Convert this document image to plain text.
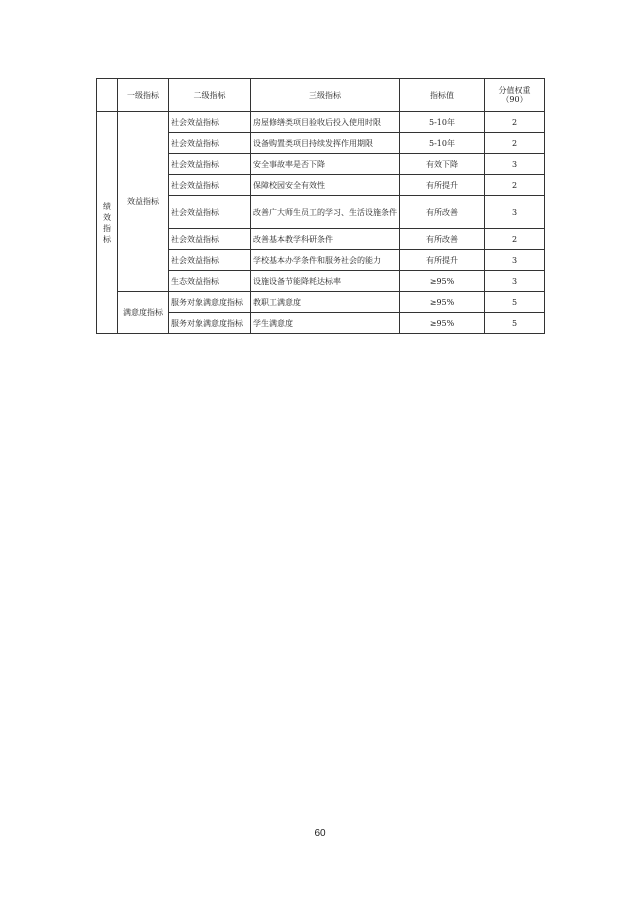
	一级指标	二级指标	三级指标	指标值	分值权重（90）

绩效指标	效益指标	社会效益指标	房屋修缮类项目验收后投入使用时限	5-10年	2
		社会效益指标	设备购置类项目持续发挥作用期限	5-10年	2
		社会效益指标	安全事故率是否下降	有效下降	3
		社会效益指标	保障校园安全有效性	有所提升	2
		社会效益指标	改善广大师生员工的学习、生活设施条件	有所改善	3
		社会效益指标	改善基本教学科研条件	有所改善	2
		社会效益指标	学校基本办学条件和服务社会的能力	有所提升	3
		生态效益指标	设施设备节能降耗达标率	≥95%	3

	满意度指标	服务对象满意度指标	教职工满意度	≥95%	5
		服务对象满意度指标	学生满意度	≥95%	5
60
